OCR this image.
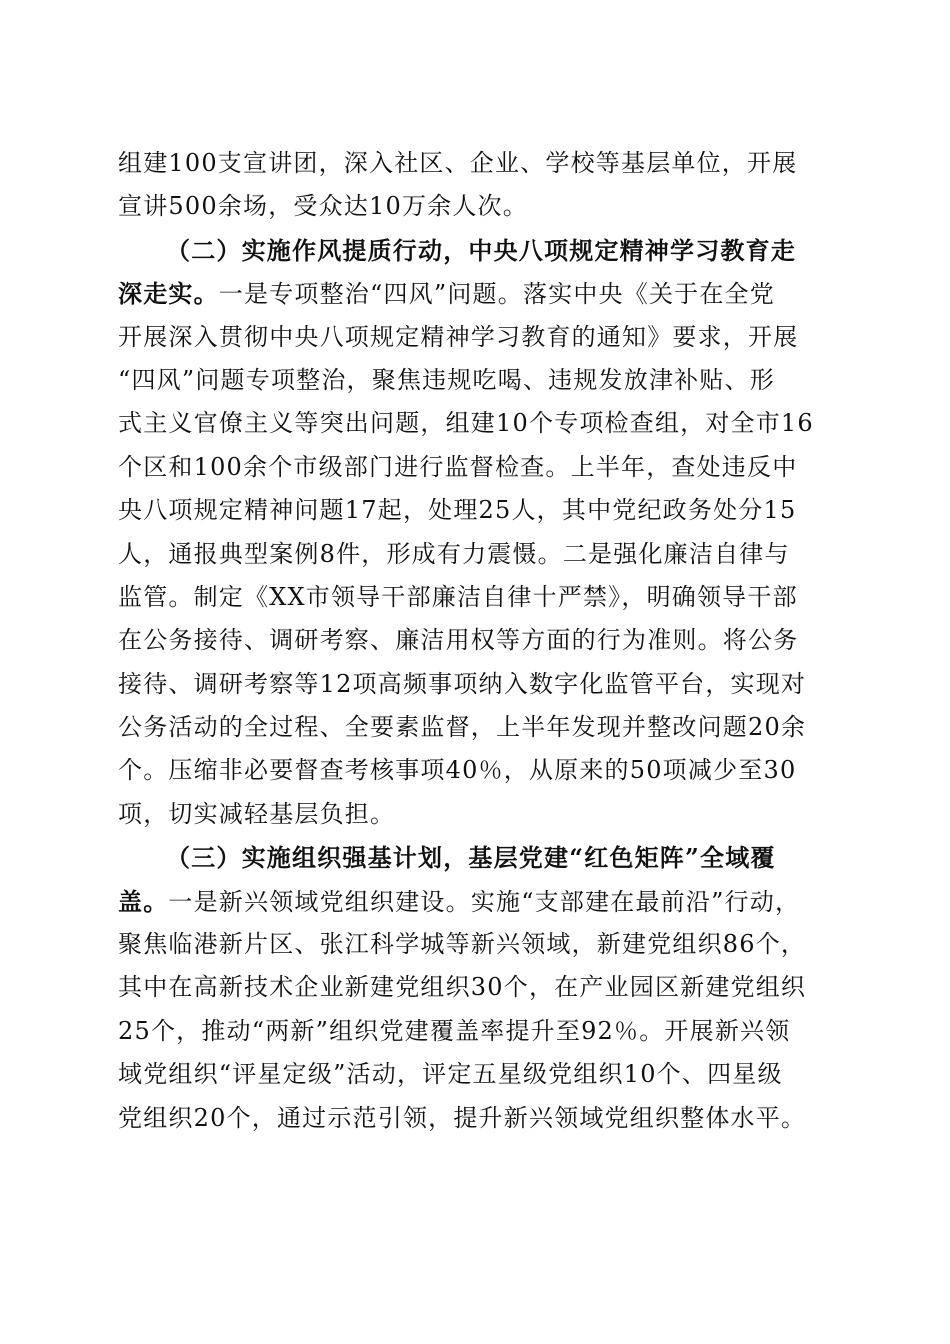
组建100支宣讲团，深入社区、企业、学校等基层单位，开展
宣讲500余场，受众达10万余人次。
（二）实施作风提质行动，中央八项规定精神学习教育走
深走实。一是专项整治“四风”问题。落实中央《关于在全党
开展深入贯彻中央八项规定精神学习教育的通知》要求，开展
“四风”问题专项整治，聚焦违规吃喝、违规发放津补贴、形
式主义官僚主义等突出问题，组建10个专项检查组，对全市16
个区和100余个市级部门进行监督检查。上半年，查处违反中
央八项规定精神问题17起，处理25人，其中党纪政务处分15
人，通报典型案例8件，形成有力震慑。二是强化廉洁自律与
监管。制定《XX市领导干部廉洁自律十严禁》，明确领导干部
在公务接待、调研考察、廉洁用权等方面的行为准则。将公务
接待、调研考察等12项高频事项纳入数字化监管平台，实现对
公务活动的全过程、全要素监督，上半年发现并整改问题20余
个。压缩非必要督查考核事项40％，从原来的50项减少至30
项，切实减轻基层负担。
（三）实施组织强基计划，基层党建“红色矩阵”全域覆
盖。一是新兴领域党组织建设。实施“支部建在最前沿”行动，
聚焦临港新片区、张江科学城等新兴领域，新建党组织86个，
其中在高新技术企业新建党组织30个，在产业园区新建党组织
25个，推动“两新”组织党建覆盖率提升至92％。开展新兴领
域党组织“评星定级”活动，评定五星级党组织10个、四星级
党组织20个，通过示范引领，提升新兴领域党组织整体水平。
